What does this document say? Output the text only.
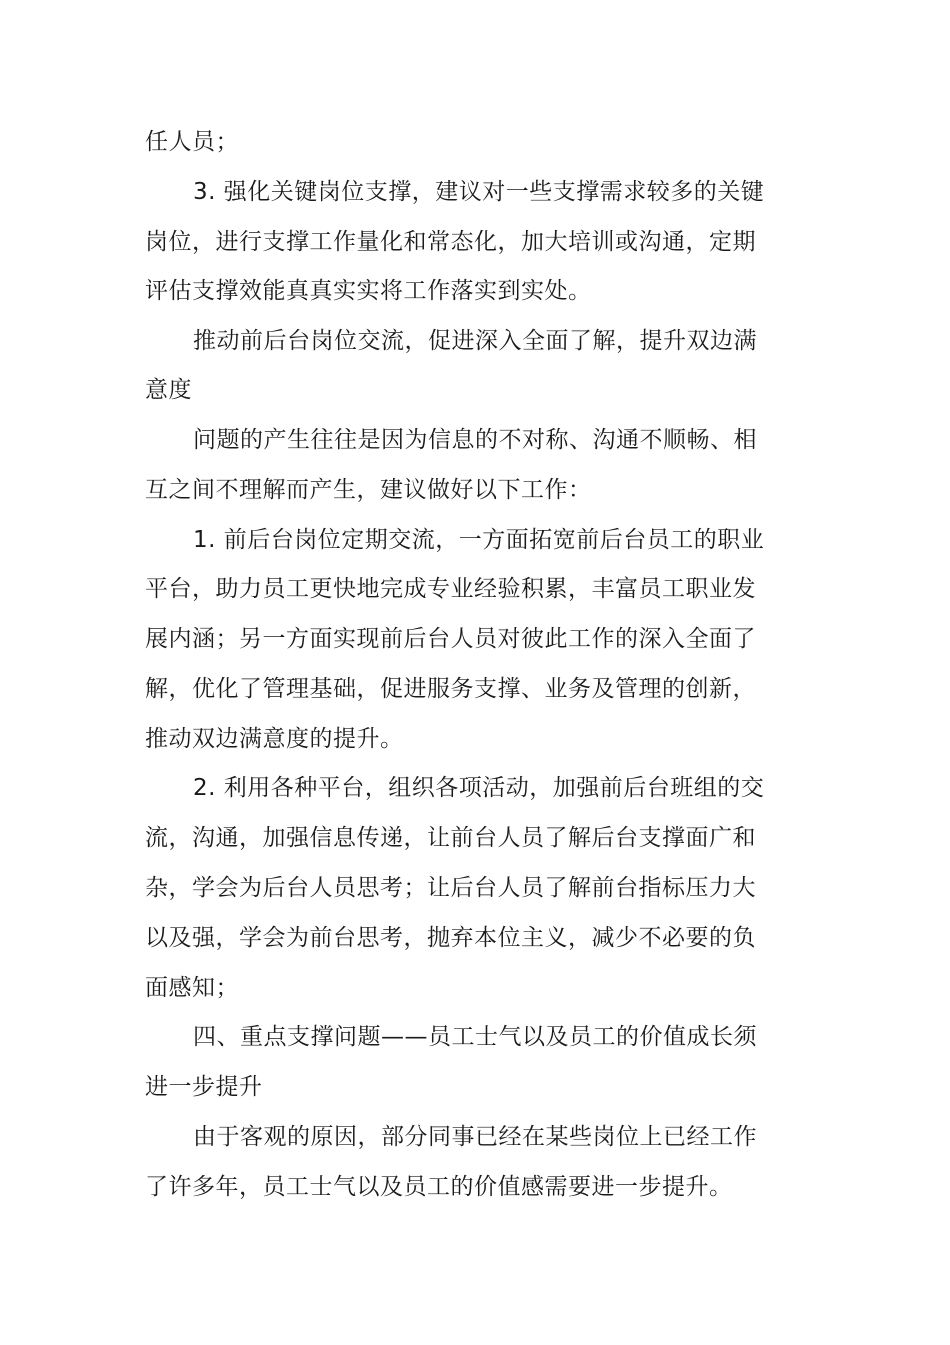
任人员；
3. 强化关键岗位支撑，建议对一些支撑需求较多的关键
岗位，进行支撑工作量化和常态化，加大培训或沟通，定期
评估支撑效能真真实实将工作落实到实处。
推动前后台岗位交流，促进深入全面了解，提升双边满
意度
问题的产生往往是因为信息的不对称、沟通不顺畅、相
互之间不理解而产生，建议做好以下工作：
1. 前后台岗位定期交流，一方面拓宽前后台员工的职业
平台，助力员工更快地完成专业经验积累，丰富员工职业发
展内涵；另一方面实现前后台人员对彼此工作的深入全面了
解，优化了管理基础，促进服务支撑、业务及管理的创新，
推动双边满意度的提升。
2. 利用各种平台，组织各项活动，加强前后台班组的交
流，沟通，加强信息传递，让前台人员了解后台支撑面广和
杂，学会为后台人员思考；让后台人员了解前台指标压力大
以及强，学会为前台思考，抛弃本位主义，减少不必要的负
面感知；
四、重点支撑问题——员工士气以及员工的价值成长须
进一步提升
由于客观的原因，部分同事已经在某些岗位上已经工作
了许多年，员工士气以及员工的价值感需要进一步提升。
